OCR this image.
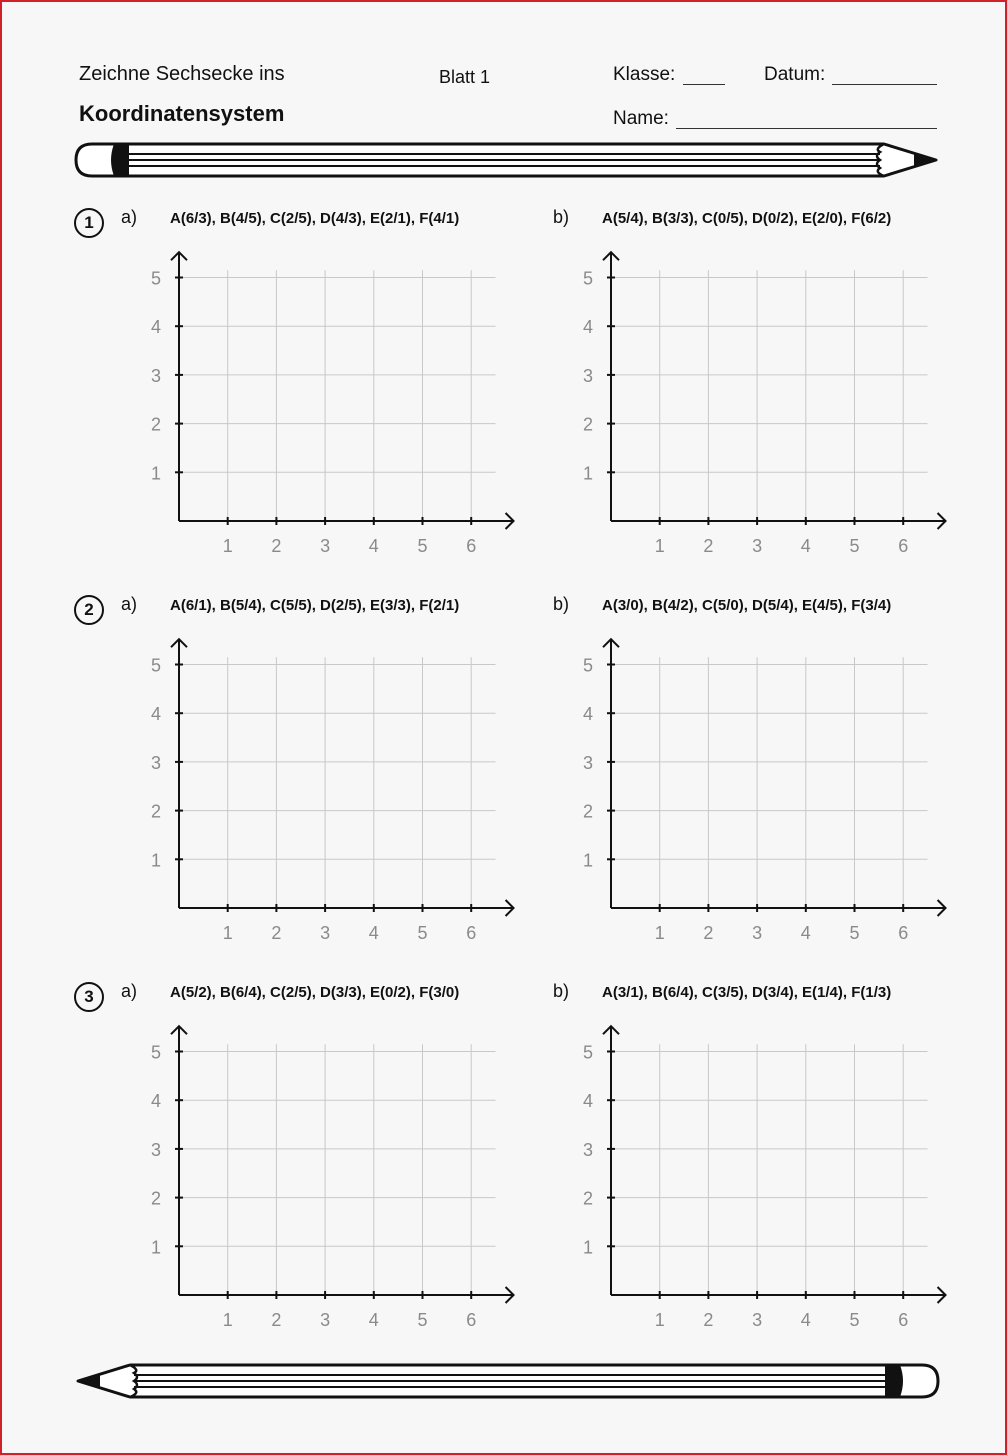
Zeichne Sechsecke ins
Koordinatensystem
Blatt 1	Klasse:	Datum:
Name:
1	a) A(6/3), B(4/5), C(2/5), D(4/3), E(2/1), F(4/1)	b) A(5/4), B(3/3), C(0/5), D(0/2), E(2/0), F(6/2)
1 2 3 4 5 6
1
2
3
4
5
1 2 3 4 5 6
1
2
3
4
5
2	a) A(6/1), B(5/4), C(5/5), D(2/5), E(3/3), F(2/1)	b) A(3/0), B(4/2), C(5/0), D(5/4), E(4/5), F(3/4)
1 2 3 4 5 6
1
2
3
4
5
1 2 3 4 5 6
1
2
3
4
5
3	a) A(5/2), B(6/4), C(2/5), D(3/3), E(0/2), F(3/0)	b) A(3/1), B(6/4), C(3/5), D(3/4), E(1/4), F(1/3)
1 2 3 4 5 6
1
2
3
4
5
1 2 3 4 5 6
1
2
3
4
5
